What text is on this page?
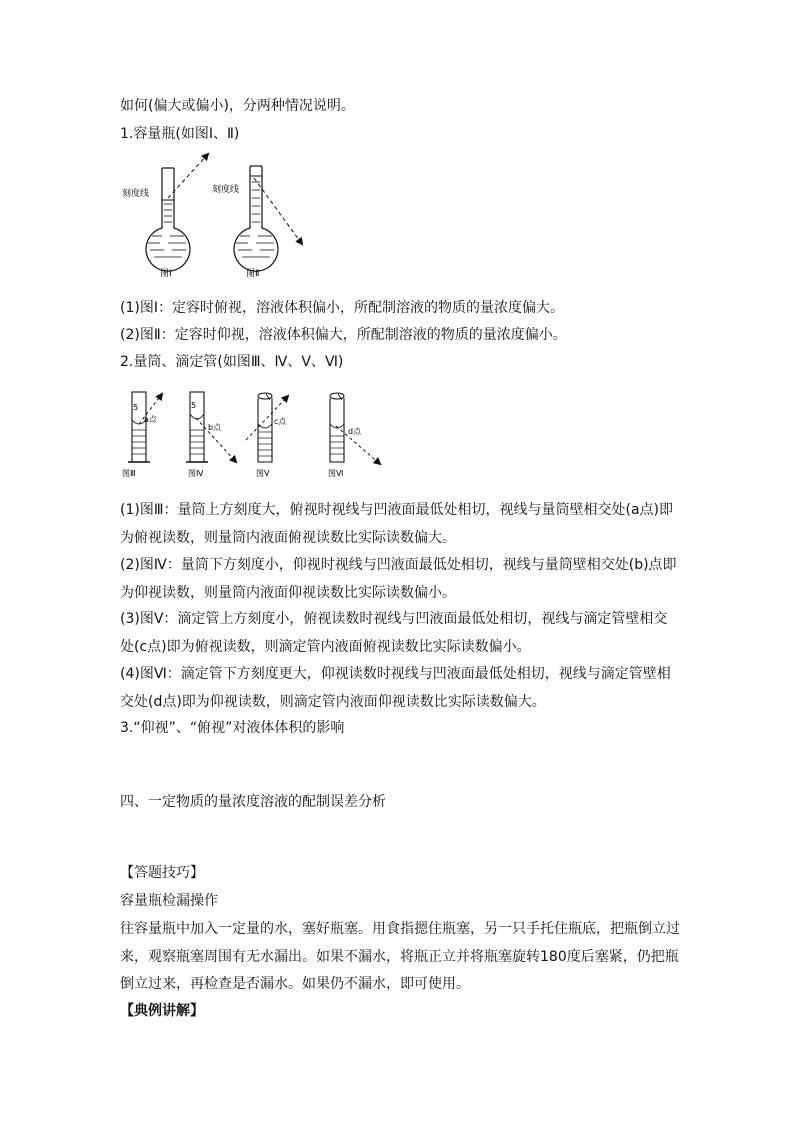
如何(偏大或偏小)，分两种情况说明。

1.容量瓶(如图Ⅰ、Ⅱ)

刻度线
图Ⅰ
刻度线
图Ⅱ

(1)图Ⅰ：定容时俯视，溶液体积偏小，所配制溶液的物质的量浓度偏大。

(2)图Ⅱ：定容时仰视，溶液体积偏大，所配制溶液的物质的量浓度偏小。

2.量筒、滴定管(如图Ⅲ、Ⅳ、Ⅴ、Ⅵ)

5
a点
图Ⅲ
5
b点
图Ⅳ
c点
图Ⅴ
d点
图Ⅵ

(1)图Ⅲ：量筒上方刻度大，俯视时视线与凹液面最低处相切，视线与量筒壁相交处(a点)即为俯视读数，则量筒内液面俯视读数比实际读数偏大。

(2)图Ⅳ：量筒下方刻度小，仰视时视线与凹液面最低处相切，视线与量筒壁相交处(b)点即为仰视读数，则量筒内液面仰视读数比实际读数偏小。

(3)图Ⅴ：滴定管上方刻度小，俯视读数时视线与凹液面最低处相切，视线与滴定管壁相交处(c点)即为俯视读数，则滴定管内液面俯视读数比实际读数偏小。

(4)图Ⅵ：滴定管下方刻度更大，仰视读数时视线与凹液面最低处相切，视线与滴定管壁相交处(d点)即为仰视读数，则滴定管内液面仰视读数比实际读数偏大。

3.“仰视”、“俯视”对液体体积的影响

四、一定物质的量浓度溶液的配制误差分析

【答题技巧】

容量瓶检漏操作

往容量瓶中加入一定量的水，塞好瓶塞。用食指摁住瓶塞，另一只手托住瓶底，把瓶倒立过来，观察瓶塞周围有无水漏出。如果不漏水，将瓶正立并将瓶塞旋转180度后塞紧，仍把瓶倒立过来，再检查是否漏水。如果仍不漏水，即可使用。

【典例讲解】
